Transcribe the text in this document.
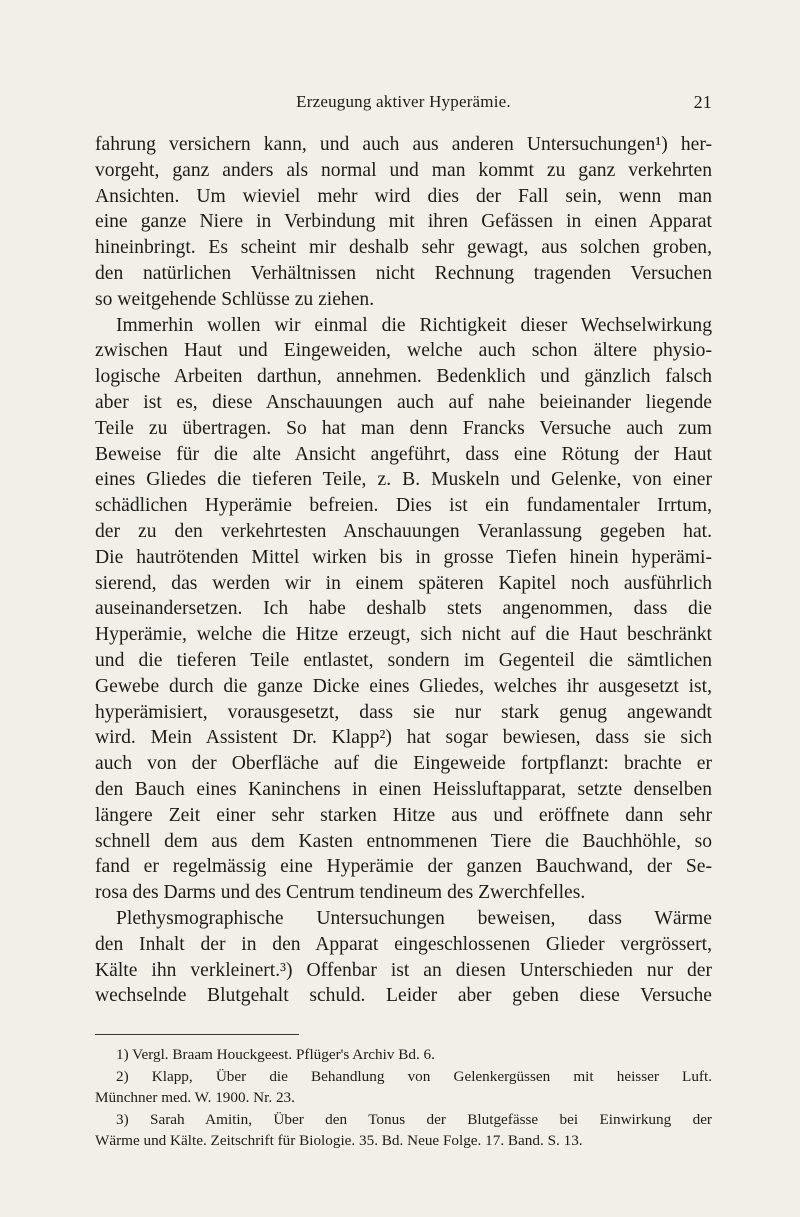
Erzeugung aktiver Hyperämie.	21
fahrung versichern kann, und auch aus anderen Untersuchungen¹) her-
vorgeht, ganz anders als normal und man kommt zu ganz verkehrten
Ansichten. Um wieviel mehr wird dies der Fall sein, wenn man
eine ganze Niere in Verbindung mit ihren Gefässen in einen Apparat
hineinbringt. Es scheint mir deshalb sehr gewagt, aus solchen groben,
den natürlichen Verhältnissen nicht Rechnung tragenden Versuchen
so weitgehende Schlüsse zu ziehen.
Immerhin wollen wir einmal die Richtigkeit dieser Wechselwirkung
zwischen Haut und Eingeweiden, welche auch schon ältere physio-
logische Arbeiten darthun, annehmen. Bedenklich und gänzlich falsch
aber ist es, diese Anschauungen auch auf nahe beieinander liegende
Teile zu übertragen. So hat man denn Francks Versuche auch zum
Beweise für die alte Ansicht angeführt, dass eine Rötung der Haut
eines Gliedes die tieferen Teile, z. B. Muskeln und Gelenke, von einer
schädlichen Hyperämie befreien. Dies ist ein fundamentaler Irrtum,
der zu den verkehrtesten Anschauungen Veranlassung gegeben hat.
Die hautrötenden Mittel wirken bis in grosse Tiefen hinein hyperämi-
sierend, das werden wir in einem späteren Kapitel noch ausführlich
auseinandersetzen. Ich habe deshalb stets angenommen, dass die
Hyperämie, welche die Hitze erzeugt, sich nicht auf die Haut beschränkt
und die tieferen Teile entlastet, sondern im Gegenteil die sämtlichen
Gewebe durch die ganze Dicke eines Gliedes, welches ihr ausgesetzt ist,
hyperämisiert, vorausgesetzt, dass sie nur stark genug angewandt
wird. Mein Assistent Dr. Klapp²) hat sogar bewiesen, dass sie sich
auch von der Oberfläche auf die Eingeweide fortpflanzt: brachte er
den Bauch eines Kaninchens in einen Heissluftapparat, setzte denselben
längere Zeit einer sehr starken Hitze aus und eröffnete dann sehr
schnell dem aus dem Kasten entnommenen Tiere die Bauchhöhle, so
fand er regelmässig eine Hyperämie der ganzen Bauchwand, der Se-
rosa des Darms und des Centrum tendineum des Zwerchfelles.
Plethysmographische Untersuchungen beweisen, dass Wärme
den Inhalt der in den Apparat eingeschlossenen Glieder vergrössert,
Kälte ihn verkleinert.³) Offenbar ist an diesen Unterschieden nur der
wechselnde Blutgehalt schuld. Leider aber geben diese Versuche
1) Vergl. Braam Houckgeest. Pflüger's Archiv Bd. 6.
2) Klapp, Über die Behandlung von Gelenkergüssen mit heisser Luft.
Münchner med. W. 1900. Nr. 23.
3) Sarah Amitin, Über den Tonus der Blutgefässe bei Einwirkung der
Wärme und Kälte. Zeitschrift für Biologie. 35. Bd. Neue Folge. 17. Band. S. 13.
